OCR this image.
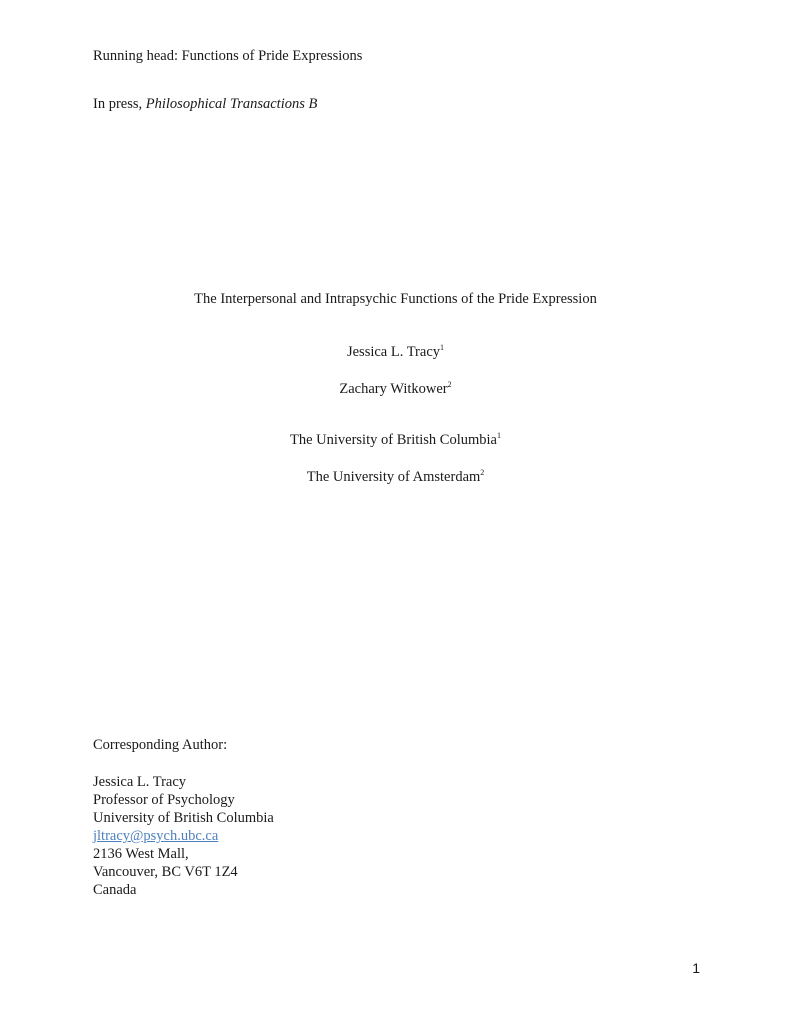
Running head: Functions of Pride Expressions
In press, Philosophical Transactions B
The Interpersonal and Intrapsychic Functions of the Pride Expression
Jessica L. Tracy$^1$
Zachary Witkower$^2$
The University of British Columbia$^1$
The University of Amsterdam$^2$
Corresponding Author:
Jessica L. Tracy
Professor of Psychology
University of British Columbia
jltracy@psych.ubc.ca
2136 West Mall,
Vancouver, BC V6T 1Z4
Canada
1
